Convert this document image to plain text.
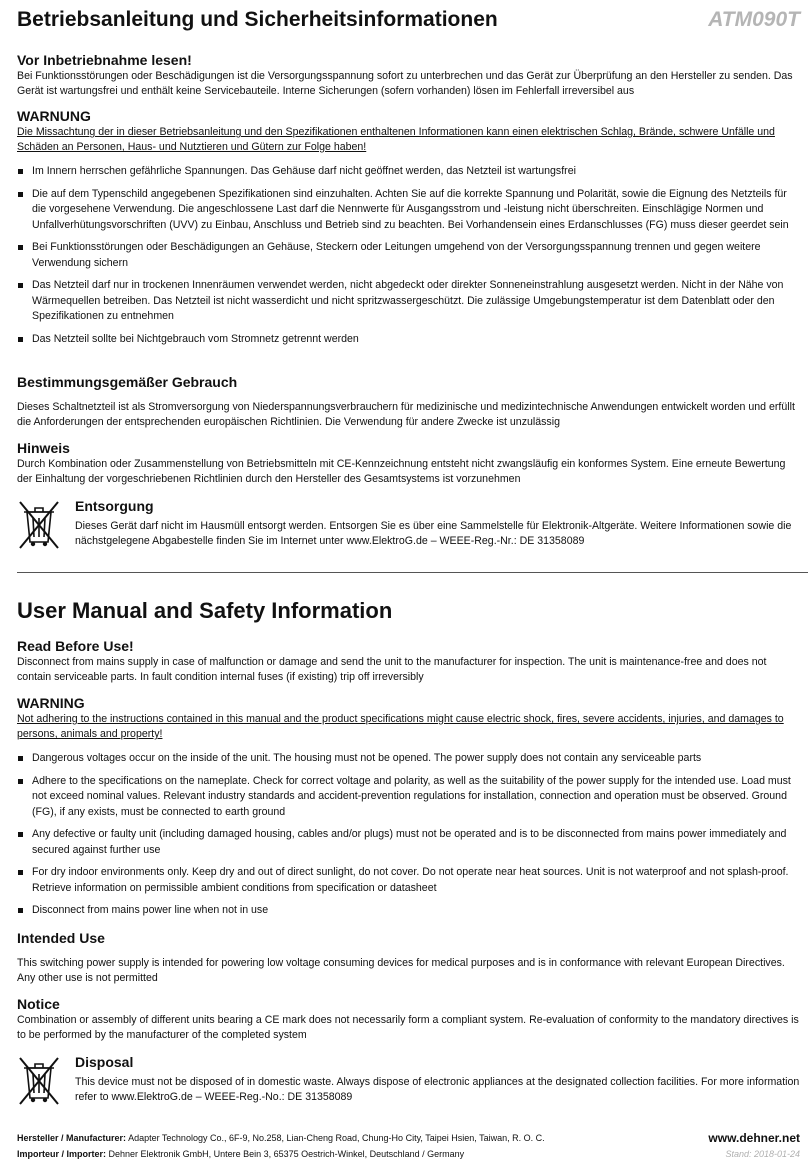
Betriebsanleitung und Sicherheitsinformationen	ATM090T
Vor Inbetriebnahme lesen!

Bei Funktionsstörungen oder Beschädigungen ist die Versorgungsspannung sofort zu unterbrechen und das Gerät zur Überprüfung an den Hersteller zu senden. Das Gerät ist wartungsfrei und enthält keine Servicebauteile. Interne Sicherungen (sofern vorhanden) lösen im Fehlerfall irreversibel aus

WARNUNG

Die Missachtung der in dieser Betriebsanleitung und den Spezifikationen enthaltenen Informationen kann einen elektrischen Schlag, Brände, schwere Unfälle und Schäden an Personen, Haus- und Nutztieren und Gütern zur Folge haben!

Im Innern herrschen gefährliche Spannungen. Das Gehäuse darf nicht geöffnet werden, das Netzteil ist wartungsfrei
Die auf dem Typenschild angegebenen Spezifikationen sind einzuhalten. Achten Sie auf die korrekte Spannung und Polarität, sowie die Eignung des Netzteils für die vorgesehene Verwendung. Die angeschlossene Last darf die Nennwerte für Ausgangsstrom und -leistung nicht überschreiten. Einschlägige Normen und Unfallverhütungsvorschriften (UVV) zu Einbau, Anschluss und Betrieb sind zu beachten. Bei Vorhandensein eines Erdanschlusses (FG) muss dieser geerdet sein
Bei Funktionsstörungen oder Beschädigungen an Gehäuse, Steckern oder Leitungen umgehend von der Versorgungsspannung trennen und gegen weitere Verwendung sichern
Das Netzteil darf nur in trockenen Innenräumen verwendet werden, nicht abgedeckt oder direkter Sonneneinstrahlung ausgesetzt werden. Nicht in der Nähe von Wärmequellen betreiben. Das Netzteil ist nicht wasserdicht und nicht spritzwassergeschützt. Die zulässige Umgebungstemperatur ist dem Datenblatt oder den Spezifikationen zu entnehmen
Das Netzteil sollte bei Nichtgebrauch vom Stromnetz getrennt werden
Bestimmungsgemäßer Gebrauch

Dieses Schaltnetzteil ist als Stromversorgung von Niederspannungsverbrauchern für medizinische und medizintechnische Anwendungen entwickelt worden und erfüllt die Anforderungen der entsprechenden europäischen Richtlinien. Die Verwendung für andere Zwecke ist unzulässig

Hinweis

Durch Kombination oder Zusammenstellung von Betriebsmitteln mit CE-Kennzeichnung entsteht nicht zwangsläufig ein konformes System. Eine erneute Bewertung der Einhaltung der vorgeschriebenen Richtlinien durch den Hersteller des Gesamtsystems ist vorzunehmen

Entsorgung

Dieses Gerät darf nicht im Hausmüll entsorgt werden. Entsorgen Sie es über eine Sammelstelle für Elektronik-Altgeräte. Weitere Informationen sowie die nächstgelegene Abgabestelle finden Sie im Internet unter www.ElektroG.de – WEEE-Reg.-Nr.: DE 31358089

User Manual and Safety Information
Read Before Use!

Disconnect from mains supply in case of malfunction or damage and send the unit to the manufacturer for inspection. The unit is maintenance-free and does not contain serviceable parts. In fault condition internal fuses (if existing) trip off irreversibly

WARNING

Not adhering to the instructions contained in this manual and the product specifications might cause electric shock, fires, severe accidents, injuries, and damages to persons, animals and property!

Dangerous voltages occur on the inside of the unit. The housing must not be opened. The power supply does not contain any serviceable parts
Adhere to the specifications on the nameplate. Check for correct voltage and polarity, as well as the suitability of the power supply for the intended use. Load must not exceed nominal values. Relevant industry standards and accident-prevention regulations for installation, connection and operation must be observed. Ground (FG), if any exists, must be connected to earth ground
Any defective or faulty unit (including damaged housing, cables and/or plugs) must not be operated and is to be disconnected from mains power immediately and secured against further use
For dry indoor environments only. Keep dry and out of direct sunlight, do not cover. Do not operate near heat sources. Unit is not waterproof and not splash-proof. Retrieve information on permissible ambient conditions from specification or datasheet
Disconnect from mains power line when not in use
Intended Use

This switching power supply is intended for powering low voltage consuming devices for medical purposes and is in conformance with relevant European Directives. Any other use is not permitted

Notice

Combination or assembly of different units bearing a CE mark does not necessarily form a compliant system. Re-evaluation of conformity to the mandatory directives is to be performed by the manufacturer of the completed system

Disposal

This device must not be disposed of in domestic waste. Always dispose of electronic appliances at the designated collection facilities. For more information refer to www.ElektroG.de – WEEE-Reg.-No.: DE 31358089

Hersteller / Manufacturer: Adapter Technology Co., 6F-9, No.258, Lian-Cheng Road, Chung-Ho City, Taipei Hsien, Taiwan, R. O. C.
Importeur / Importer: Dehner Elektronik GmbH, Untere Bein 3, 65375 Oestrich-Winkel, Deutschland / Germany
www.dehner.net
Stand: 2018-01-24
